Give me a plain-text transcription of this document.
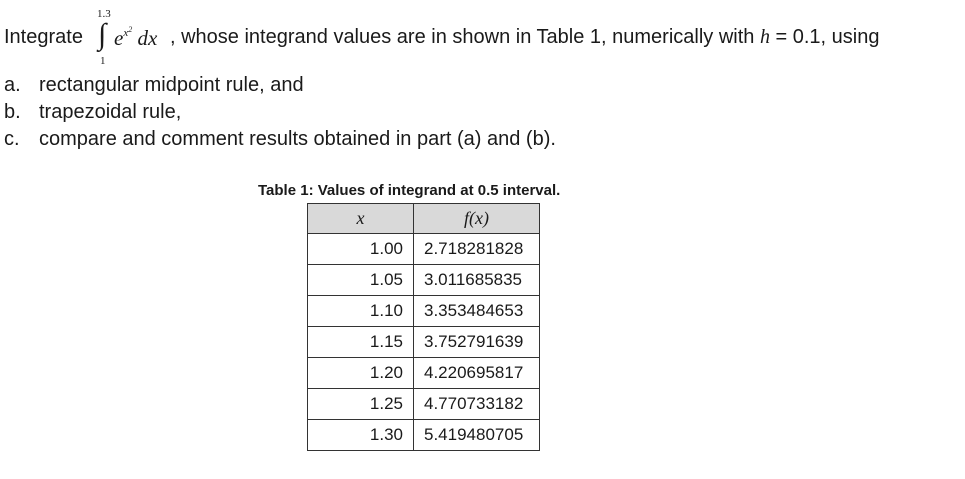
Integrate
1.3
∫
1
$e^{x^2}$ dx , whose integrand values are in shown in Table 1, numerically with h = 0.1, using
a. rectangular midpoint rule, and
b. trapezoidal rule,
c. compare and comment results obtained in part (a) and (b).
Table 1: Values of integrand at 0.5 interval.
x	f(x)
1.00	2.718281828
1.05	3.011685835
1.10	3.353484653
1.15	3.752791639
1.20	4.220695817
1.25	4.770733182
1.30	5.419480705
